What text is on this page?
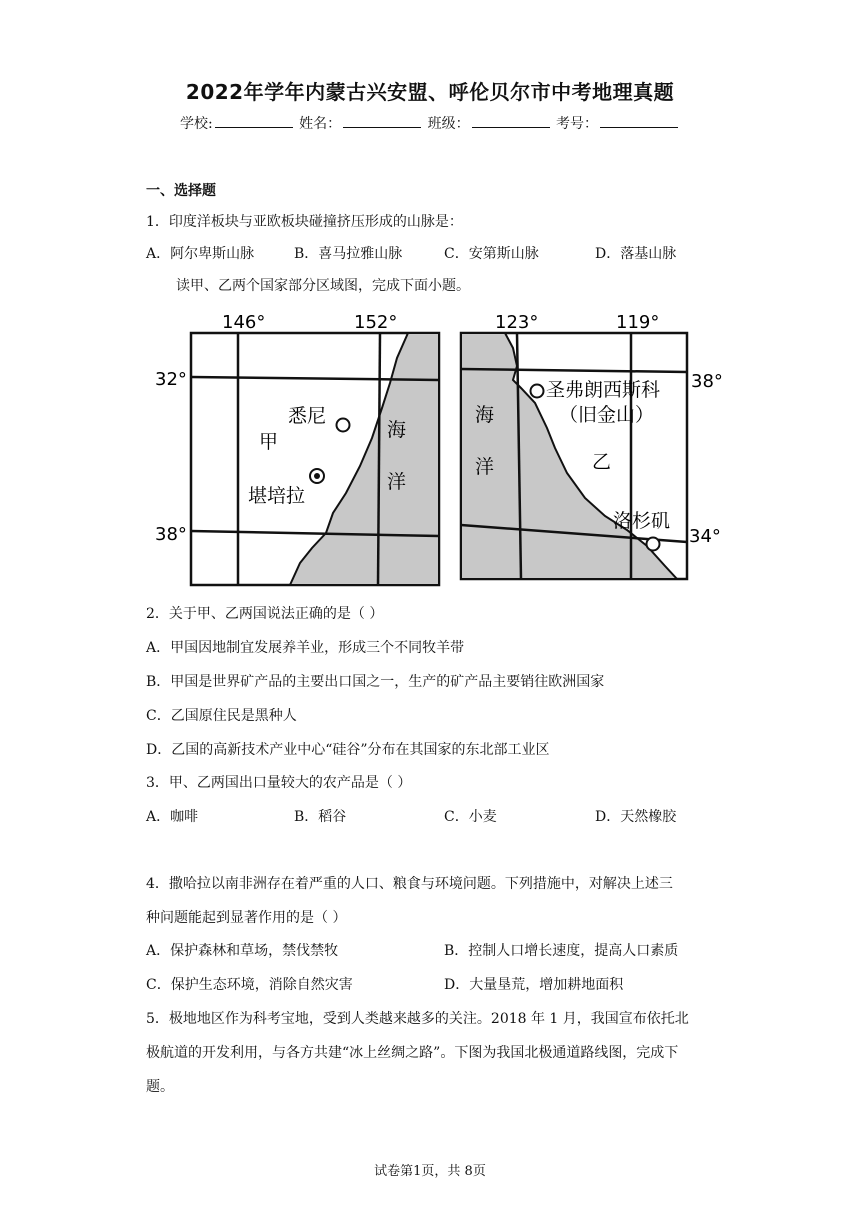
2022年学年内蒙古兴安盟、呼伦贝尔市中考地理真题
学校:	姓名：	班级：	考号：
一、选择题
1．印度洋板块与亚欧板块碰撞挤压形成的山脉是：
A．阿尔卑斯山脉	B．喜马拉雅山脉	C．安第斯山脉	D．落基山脉
读甲、乙两个国家部分区域图，完成下面小题。
146°	152°
32°
38°
悉尼
堪培拉
甲
海
洋
123°	119°
38°
34°
圣弗朗西斯科
（旧金山）
洛杉矶
乙
海
洋
2．关于甲、乙两国说法正确的是（ ）
A．甲国因地制宜发展养羊业，形成三个不同牧羊带
B．甲国是世界矿产品的主要出口国之一，生产的矿产品主要销往欧洲国家
C．乙国原住民是黑种人
D．乙国的高新技术产业中心“硅谷”分布在其国家的东北部工业区
3．甲、乙两国出口量较大的农产品是（ ）
A．咖啡	B．稻谷	C．小麦	D．天然橡胶
4．撒哈拉以南非洲存在着严重的人口、粮食与环境问题。下列措施中，对解决上述三
种问题能起到显著作用的是（ ）
A．保护森林和草场，禁伐禁牧	B．控制人口增长速度，提高人口素质
C．保护生态环境，消除自然灾害	D．大量垦荒，增加耕地面积
5．极地地区作为科考宝地，受到人类越来越多的关注。2018 年 1 月，我国宣布依托北
极航道的开发利用，与各方共建“冰上丝绸之路”。下图为我国北极通道路线图，完成下
题。
试卷第1页，共 8页
